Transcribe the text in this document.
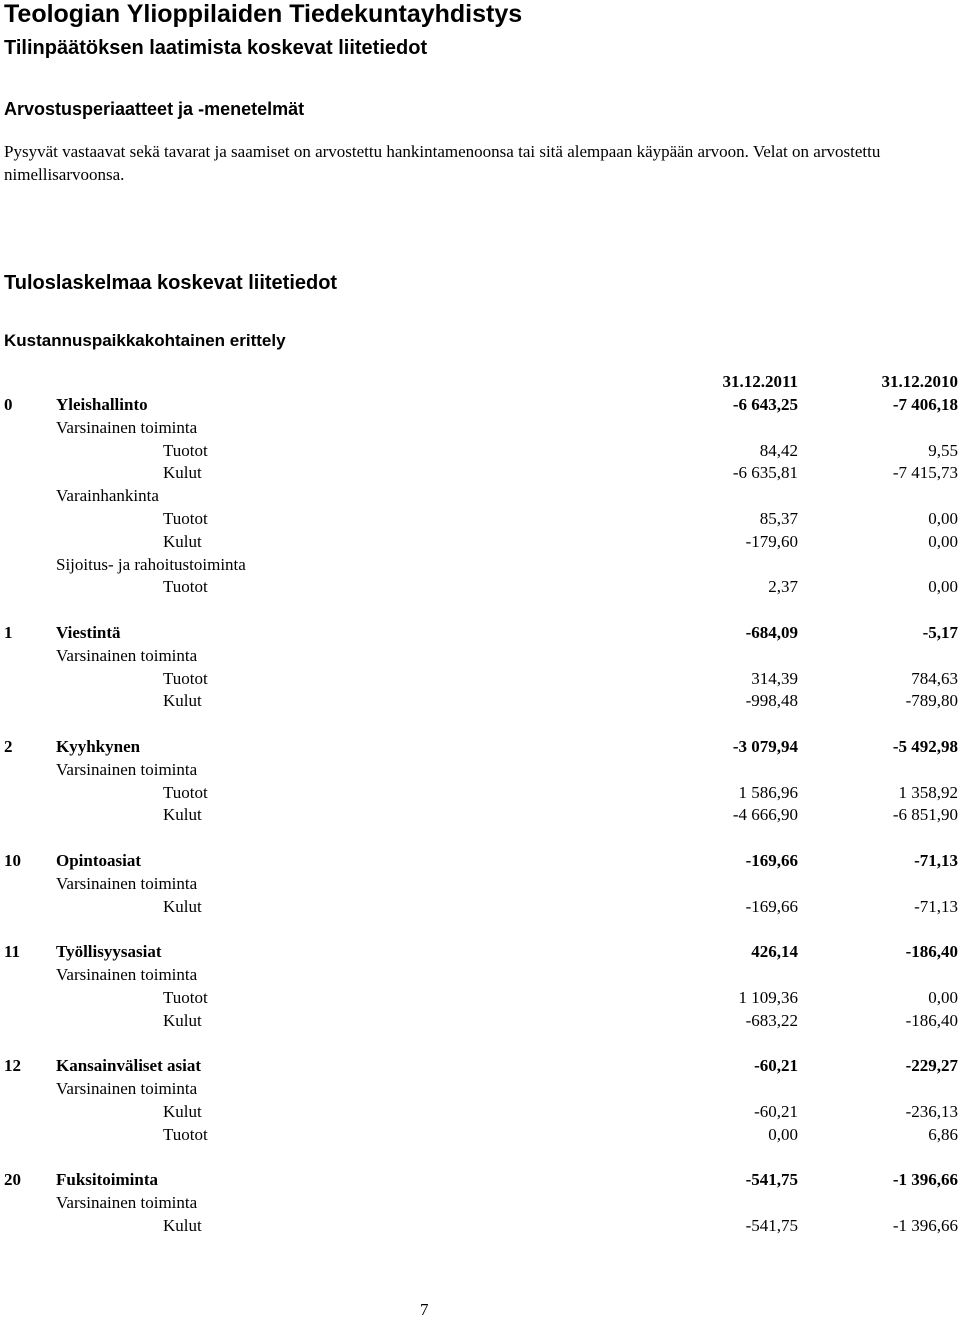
Teologian Ylioppilaiden Tiedekuntayhdistys
Tilinpäätöksen laatimista koskevat liitetiedot
Arvostusperiaatteet ja -menetelmät
Pysyvät vastaavat sekä tavarat ja saamiset on arvostettu hankintamenoonsa tai sitä alempaan käypään arvoon. Velat on arvostettu nimellisarvoonsa.
Tuloslaskelmaa koskevat liitetiedot
Kustannuspaikkakohtainen erittely
31.12.2011	31.12.2010
0	Yleishallinto	-6 643,25	-7 406,18
Varsinainen toiminta
Tuotot	84,42	9,55
Kulut	-6 635,81	-7 415,73
Varainhankinta
Tuotot	85,37	0,00
Kulut	-179,60	0,00
Sijoitus- ja rahoitustoiminta
Tuotot	2,37	0,00
1	Viestintä	-684,09	-5,17
Varsinainen toiminta
Tuotot	314,39	784,63
Kulut	-998,48	-789,80
2	Kyyhkynen	-3 079,94	-5 492,98
Varsinainen toiminta
Tuotot	1 586,96	1 358,92
Kulut	-4 666,90	-6 851,90
10 Opintoasiat	-169,66	-71,13
Varsinainen toiminta
Kulut	-169,66	-71,13
11 Työllisyysasiat	426,14	-186,40
Varsinainen toiminta
Tuotot	1 109,36	0,00
Kulut	-683,22	-186,40
12 Kansainväliset asiat	-60,21	-229,27
Varsinainen toiminta
Kulut	-60,21	-236,13
Tuotot	0,00	6,86
20 Fuksitoiminta	-541,75	-1 396,66
Varsinainen toiminta
Kulut	-541,75	-1 396,66
7
